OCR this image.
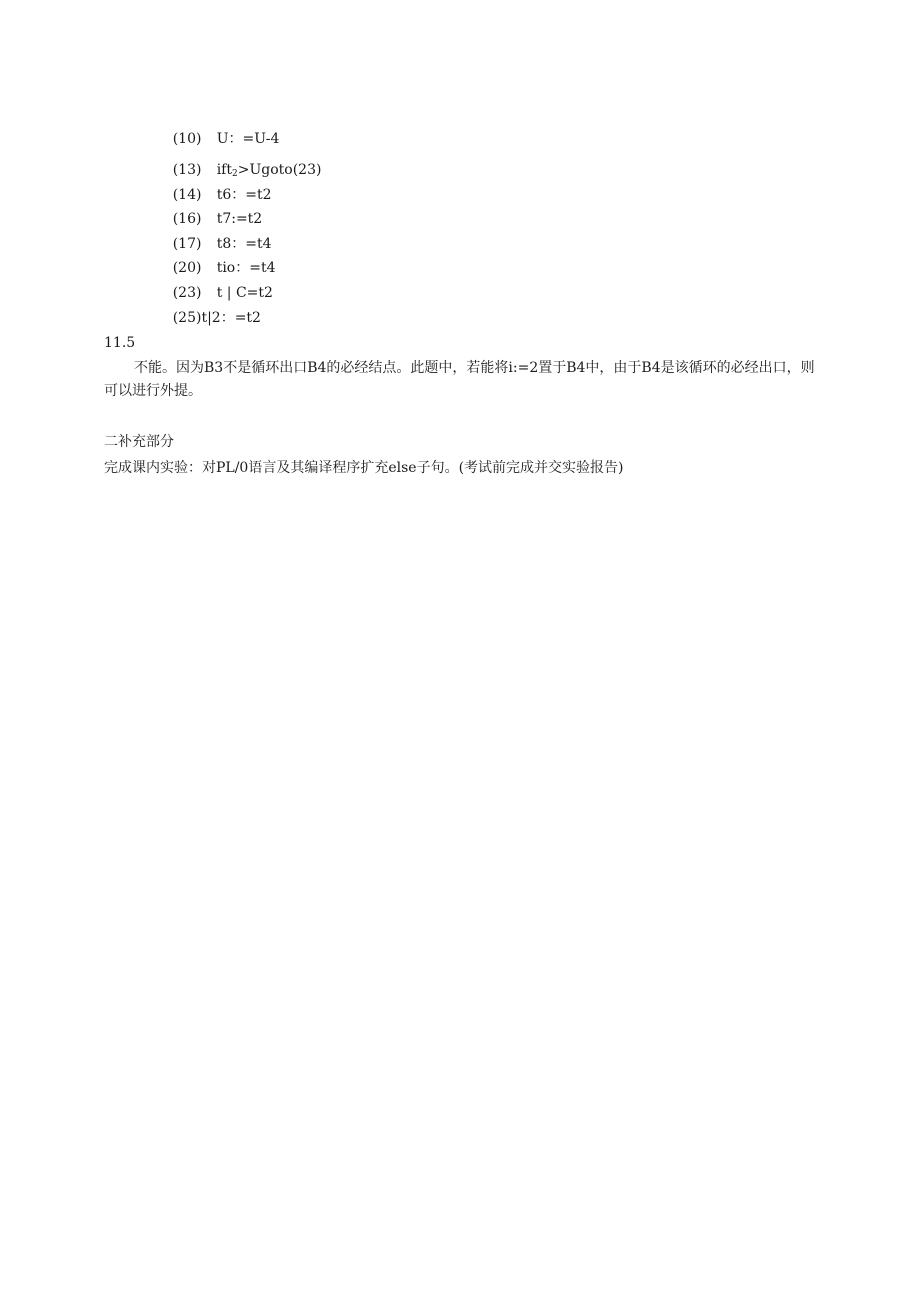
(10) U：=U-4

(13) ift$_2$>Ugoto(23)

(14) t6：=t2

(16) t7:=t2

(17) t8：=t4

(20) tio：=t4

(23) t | C=t2

(25)t|2：=t2

11.5

不能。因为B3不是循环出口B4的必经结点。此题中，若能将i:=2置于B4中，由于B4是该循环的必经出口，则可以进行外提。

二补充部分
完成课内实验：对PL/0语言及其编译程序扩充else子句。(考试前完成并交实验报告)
